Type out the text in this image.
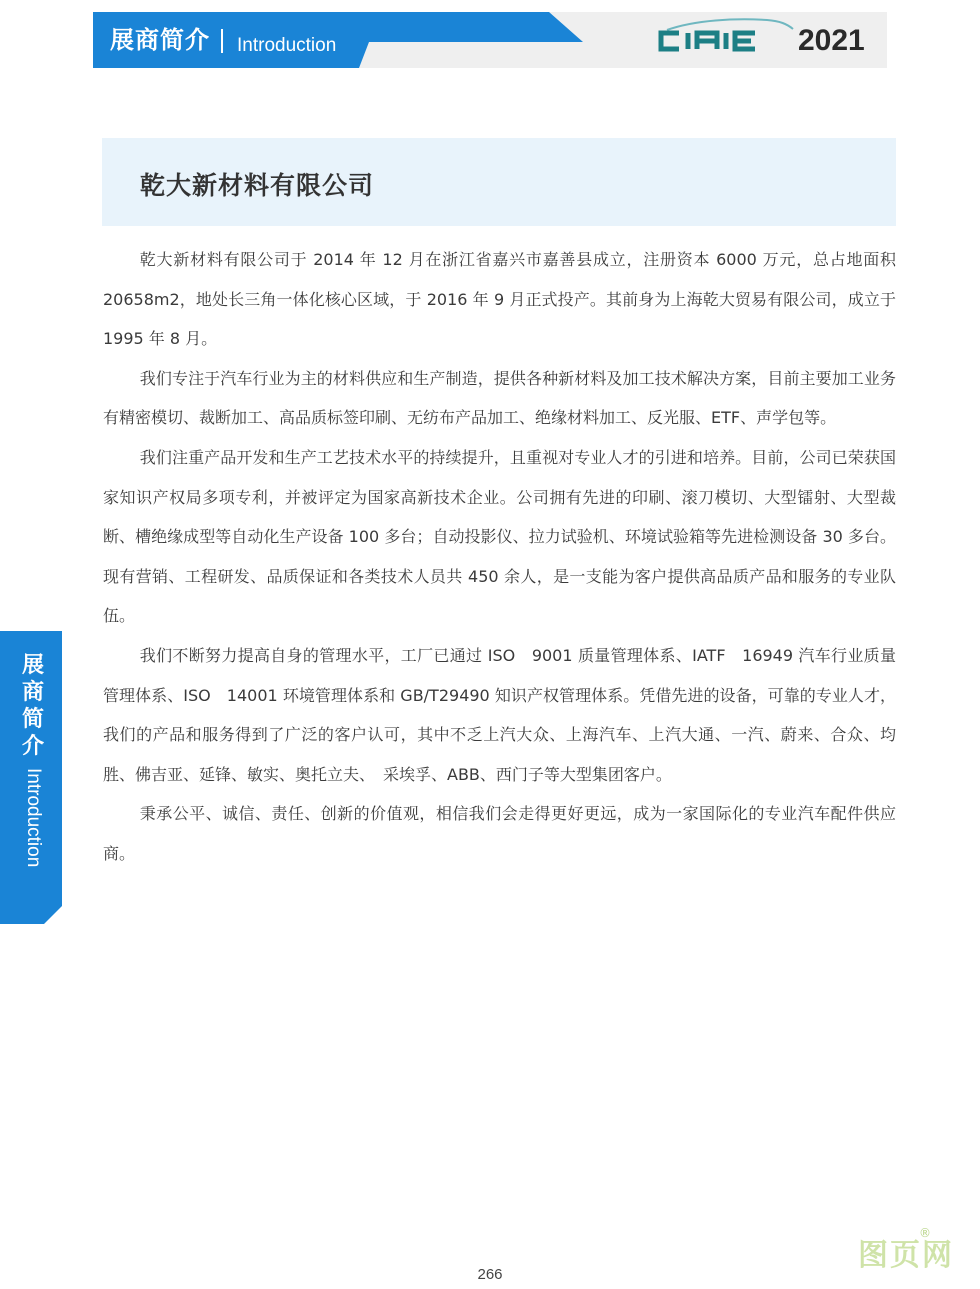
展商简介 Introduction
CIAIE
2021
乾大新材料有限公司

乾大新材料有限公司于 2014 年 12 月在浙江省嘉兴市嘉善县成立，注册资本 6000 万元，总占地面积 20658m2，地处长三角一体化核心区域，于 2016 年 9 月正式投产。其前身为上海乾大贸易有限公司，成立于 1995 年 8 月。

我们专注于汽车行业为主的材料供应和生产制造，提供各种新材料及加工技术解决方案，目前主要加工业务有精密模切、裁断加工、高品质标签印刷、无纺布产品加工、绝缘材料加工、反光服、ETF、声学包等。

我们注重产品开发和生产工艺技术水平的持续提升，且重视对专业人才的引进和培养。目前，公司已荣获国家知识产权局多项专利，并被评定为国家高新技术企业。公司拥有先进的印刷、滚刀模切、大型镭射、大型裁断、槽绝缘成型等自动化生产设备 100 多台；自动投影仪、拉力试验机、环境试验箱等先进检测设备 30 多台。现有营销、工程研发、品质保证和各类技术人员共 450 余人，是一支能为客户提供高品质产品和服务的专业队伍。

我们不断努力提高自身的管理水平，工厂已通过 ISO　9001 质量管理体系、IATF　16949 汽车行业质量管理体系、ISO　14001 环境管理体系和 GB/T29490 知识产权管理体系。凭借先进的设备，可靠的专业人才，我们的产品和服务得到了广泛的客户认可，其中不乏上汽大众、上海汽车、上汽大通、一汽、蔚来、合众、均胜、佛吉亚、延锋、敏实、奥托立夫、　采埃孚、ABB、西门子等大型集团客户。

秉承公平、诚信、责任、创新的价值观，相信我们会走得更好更远，成为一家国际化的专业汽车配件供应商。

展商简介
Introduction
266
图页网
®
